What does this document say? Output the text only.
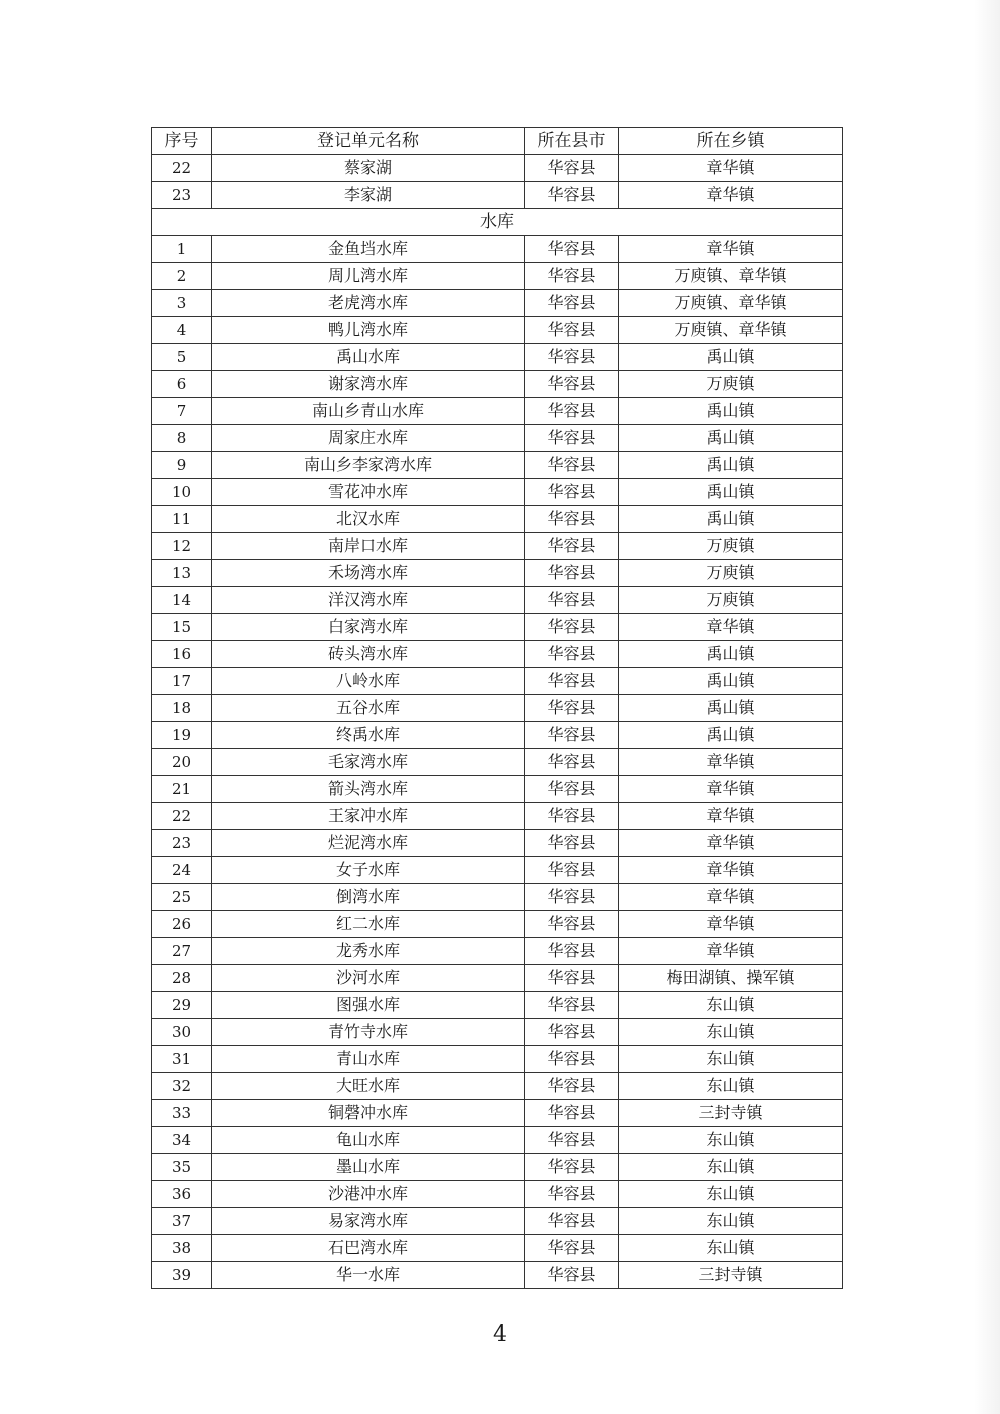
序号	登记单元名称	所在县市	所在乡镇
22	蔡家湖	华容县	章华镇
23	李家湖	华容县	章华镇
水库			
1	金鱼垱水库	华容县	章华镇
2	周儿湾水库	华容县	万庾镇、章华镇
3	老虎湾水库	华容县	万庾镇、章华镇
4	鸭儿湾水库	华容县	万庾镇、章华镇
5	禹山水库	华容县	禹山镇
6	谢家湾水库	华容县	万庾镇
7	南山乡青山水库	华容县	禹山镇
8	周家庄水库	华容县	禹山镇
9	南山乡李家湾水库	华容县	禹山镇
10	雪花冲水库	华容县	禹山镇
11	北汉水库	华容县	禹山镇
12	南岸口水库	华容县	万庾镇
13	禾场湾水库	华容县	万庾镇
14	洋汉湾水库	华容县	万庾镇
15	白家湾水库	华容县	章华镇
16	砖头湾水库	华容县	禹山镇
17	八岭水库	华容县	禹山镇
18	五谷水库	华容县	禹山镇
19	终禹水库	华容县	禹山镇
20	毛家湾水库	华容县	章华镇
21	箭头湾水库	华容县	章华镇
22	王家冲水库	华容县	章华镇
23	烂泥湾水库	华容县	章华镇
24	女子水库	华容县	章华镇
25	倒湾水库	华容县	章华镇
26	红二水库	华容县	章华镇
27	龙秀水库	华容县	章华镇
28	沙河水库	华容县	梅田湖镇、操军镇
29	图强水库	华容县	东山镇
30	青竹寺水库	华容县	东山镇
31	青山水库	华容县	东山镇
32	大旺水库	华容县	东山镇
33	铜磬冲水库	华容县	三封寺镇
34	龟山水库	华容县	东山镇
35	墨山水库	华容县	东山镇
36	沙港冲水库	华容县	东山镇
37	易家湾水库	华容县	东山镇
38	石巴湾水库	华容县	东山镇
39	华一水库	华容县	三封寺镇
4
